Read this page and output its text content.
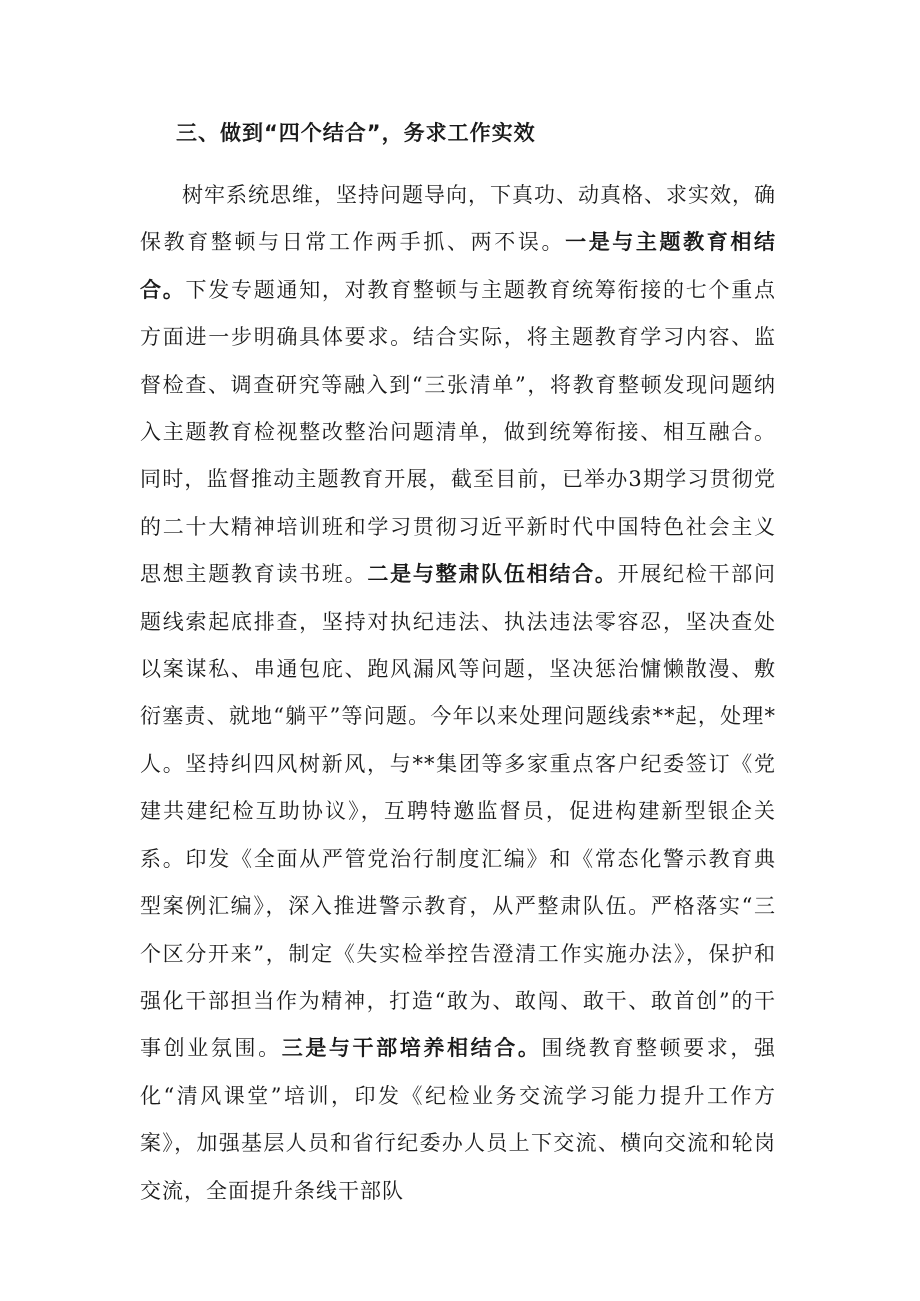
三、做到“四个结合”，务求工作实效

树牢系统思维，坚持问题导向，下真功、动真格、求实效，确保教育整顿与日常工作两手抓、两不误。一是与主题教育相结合。下发专题通知，对教育整顿与主题教育统筹衔接的七个重点方面进一步明确具体要求。结合实际，将主题教育学习内容、监督检查、调查研究等融入到“三张清单”，将教育整顿发现问题纳入主题教育检视整改整治问题清单，做到统筹衔接、相互融合。同时，监督推动主题教育开展，截至目前，已举办3期学习贯彻党的二十大精神培训班和学习贯彻习近平新时代中国特色社会主义思想主题教育读书班。二是与整肃队伍相结合。开展纪检干部问题线索起底排查，坚持对执纪违法、执法违法零容忍，坚决查处以案谋私、串通包庇、跑风漏风等问题，坚决惩治慵懒散漫、敷衍塞责、就地“躺平”等问题。今年以来处理问题线索**起，处理*人。坚持纠四风树新风，与**集团等多家重点客户纪委签订《党建共建纪检互助协议》，互聘特邀监督员，促进构建新型银企关系。印发《全面从严管党治行制度汇编》和《常态化警示教育典型案例汇编》，深入推进警示教育，从严整肃队伍。严格落实“三个区分开来”，制定《失实检举控告澄清工作实施办法》，保护和强化干部担当作为精神，打造“敢为、敢闯、敢干、敢首创”的干事创业氛围。三是与干部培养相结合。围绕教育整顿要求，强化“清风课堂”培训，印发《纪检业务交流学习能力提升工作方案》，加强基层人员和省行纪委办人员上下交流、横向交流和轮岗交流，全面提升条线干部队
